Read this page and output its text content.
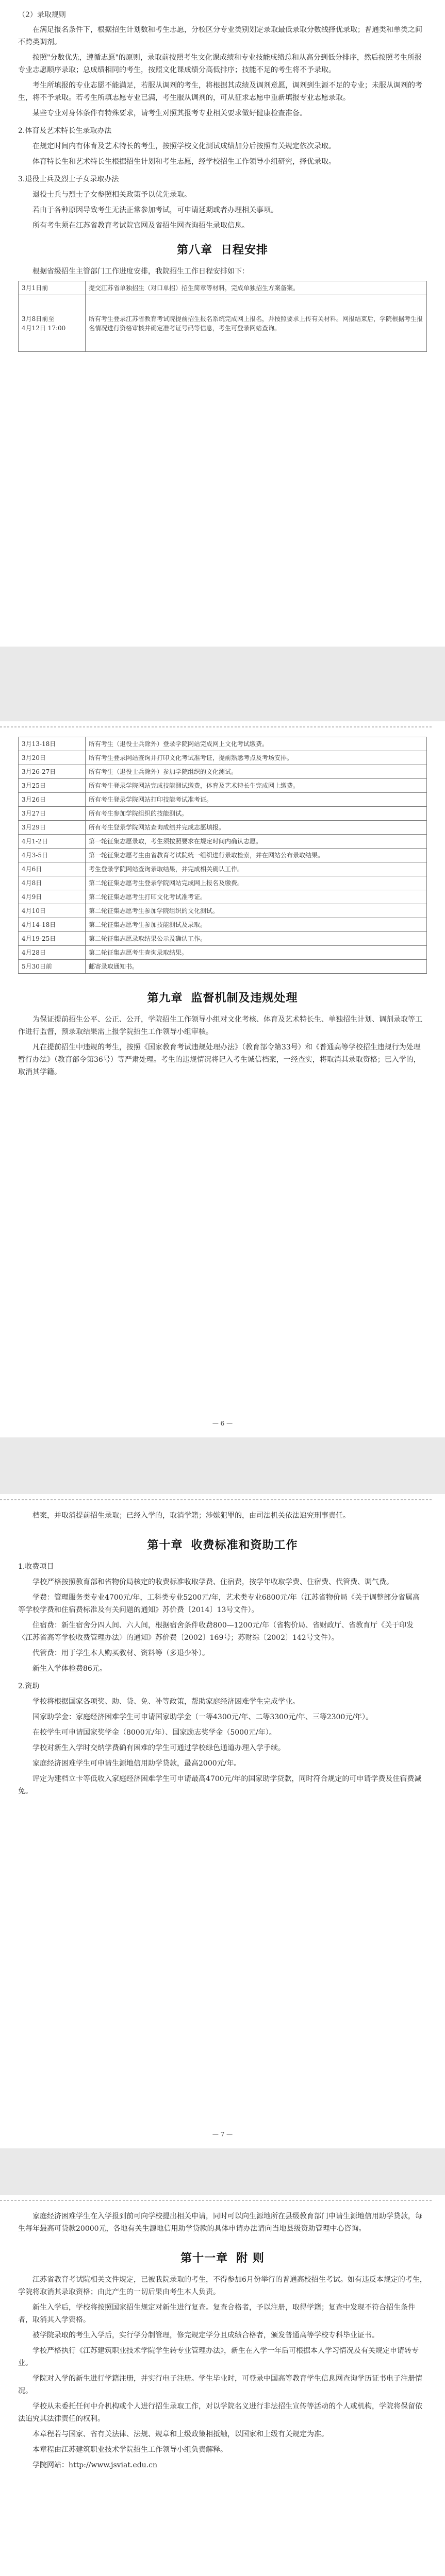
（2）录取规则

在满足报名条件下，根据招生计划数和考生志愿，分校区分专业类别划定录取最低录取分数线择优录取；普通类和单类之间不跨类调剂。

按照"分数优先，遵循志愿"的原则，录取前按照考生文化课成绩和专业技能成绩总和从高分到低分排序，然后按照考生所报专业志愿顺序录取；总成绩相同的考生，按照文化课成绩分高低排序；技能不足的考生将不予录取。

考生所填报的专业志愿不能满足，若服从调剂的考生，将根据其成绩及调剂意愿，调剂到生源不足的专业；未服从调剂的考生，将不予录取。若考生所填志愿专业已满，考生服从调剂的，可从征求志愿中重新填报专业志愿录取。

某些专业对身体条件有特殊要求，请考生对照其报考专业相关要求做好健康检查准备。

2.体育及艺术特长生录取办法

在规定时间内有体育及艺术特长的考生，按照学校文化测试成绩加分后按照有关规定依次录取。

体育特长生和艺术特长生根据招生计划和考生志愿，经学校招生工作领导小组研究，择优录取。

3.退役士兵及烈士子女录取办法

退役士兵与烈士子女参照相关政策予以优先录取。

若由于各种原因导致考生无法正常参加考试，可申请延期或者办理相关事项。

所有考生须在江苏省教育考试院官网及省招生网查询招生录取信息。

第八章 日程安排

根据省级招生主管部门工作进度安排，我院招生工作日程安排如下：

3月1日前	提交江苏省单独招生（对口单招）招生简章等材料，完成单独招生方案备案。
3月8日前至
4月12日 17:00	所有考生登录江苏省教育考试院提前招生报名系统完成网上报名，并按照要求上传有关材料。网报结束后，学院根据考生报名情况进行资格审核并确定准考证号码等信息，考生可登录网站查询。
3月13-18日	所有考生（退役士兵除外）登录学院网站完成网上文化考试缴费。
3月20日	所有考生登录网站查询并打印文化考试准考证，提前熟悉考点及考场安排。
3月26-27日	所有考生（退役士兵除外）参加学院组织的文化测试。
3月25日	所有考生登录学院网站完成技能测试缴费，体育及艺术特长生完成网上缴费。
3月26日	所有考生登录学院网站打印技能考试准考证。
3月27日	所有考生参加学院组织的技能测试。
3月29日	所有考生登录学院网站查询成绩并完成志愿填报。
4月1-2日	第一轮征集志愿录取，考生须按照要求在规定时间内确认志愿。
4月3-5日	第一轮征集志愿考生由省教育考试院统一组织进行录取检索，并在网站公布录取结果。
4月6日	考生登录学院网站查询录取结果，并完成相关确认工作。
4月8日	第二轮征集志愿考生登录学院网站完成网上报名及缴费。
4月9日	第二轮征集志愿考生打印文化考试准考证。
4月10日	第二轮征集志愿考生参加学院组织的文化测试。
4月14-18日	第二轮征集志愿考生参加技能测试及录取。
4月19-25日	第二轮征集志愿录取结果公示及确认工作。
4月28日	第二轮征集志愿考生查询录取结果。
5月30日前	邮寄录取通知书。
第九章 监督机制及违规处理

为保证提前招生公平、公正、公开，学院招生工作领导小组对文化考核、体育及艺术特长生、单独招生计划、调剂录取等工作进行监督，预录取结果需上报学院招生工作领导小组审核。

凡在提前招生中违规的考生，按照《国家教育考试违规处理办法》（教育部令第33号）和《普通高等学校招生违规行为处理暂行办法》（教育部令第36号）等严肃处理。考生的违规情况将记入考生诚信档案，一经查实，将取消其录取资格；已入学的，取消其学籍。

— 6 —

档案，并取消提前招生录取；已经入学的，取消学籍；涉嫌犯罪的，由司法机关依法追究刑事责任。

第十章 收费标准和资助工作

1.收费项目

学校严格按照教育部和省物价局核定的收费标准收取学费、住宿费，按学年收取学费、住宿费、代管费、调气费。

学费：管理服务类专业4700元/年，工科类专业5200元/年，艺术类专业6800元/年（江苏省物价局《关于调整部分省属高等学校学费和住宿费标准及有关问题的通知》苏价费〔2014〕13号文件）。

住宿费：新生宿舍分四人间、六人间，根据宿舍条件收费800—1200元/年（省物价局、省财政厅、省教育厅《关于印发〈江苏省高等学校收费管理办法〉的通知》苏价费〔2002〕169号；苏财综〔2002〕142号文件）。

代管费：用于学生本人购买教材、资料等（多退少补）。

新生入学体检费86元。

2.资助

学校将根据国家各项奖、助、贷、免、补等政策，帮助家庭经济困难学生完成学业。

国家助学金：家庭经济困难学生可申请国家助学金（一等4300元/年、二等3300元/年、三等2300元/年）。

在校学生可申请国家奖学金（8000元/年）、国家励志奖学金（5000元/年）。

学校对新生入学时交纳学费确有困难的学生可通过学校绿色通道办理入学手续。

家庭经济困难学生可申请生源地信用助学贷款，最高2000元/年。

评定为建档立卡等低收入家庭经济困难学生可申请最高4700元/年的国家助学贷款，同时符合规定的可申请学费及住宿费减免。

— 7 —

家庭经济困难学生在入学报到前可向学校提出相关申请，同时可以向生源地所在县级教育部门申请生源地信用助学贷款，每生每年最高可贷款20000元，各地有关生源地信用助学贷款的具体申请办法请向当地县级资助管理中心咨询。

第十一章 附 则

江苏省教育考试院相关文件规定，已被我院录取的考生，不得参加6月份举行的普通高校招生考试。如有违反本规定的考生，学院将取消其录取资格；由此产生的一切后果由考生本人负责。

新生入学后，学校将按照国家招生规定对新生进行复查。复查合格者，予以注册，取得学籍；复查中发现不符合招生条件者，取消其入学资格。

被学院录取的考生入学后，实行学分制管理，修完规定学分且成绩合格者，颁发普通高等学校专科毕业证书。

学校严格执行《江苏建筑职业技术学院学生转专业管理办法》，新生在入学一年后可根据本人学习情况及有关规定申请转专业。

学院对入学的新生进行学籍注册，并实行电子注册。学生毕业时，可登录中国高等教育学生信息网查询学历证书电子注册情况。

学校从未委托任何中介机构或个人进行招生录取工作，对以学院名义进行非法招生宣传等活动的个人或机构，学院将保留依法追究其法律责任的权利。

本章程若与国家、省有关法律、法规、规章和上级政策相抵触，以国家和上级有关规定为准。

本章程由江苏建筑职业技术学院招生工作领导小组负责解释。

学院网站：http://www.jsviat.edu.cn
